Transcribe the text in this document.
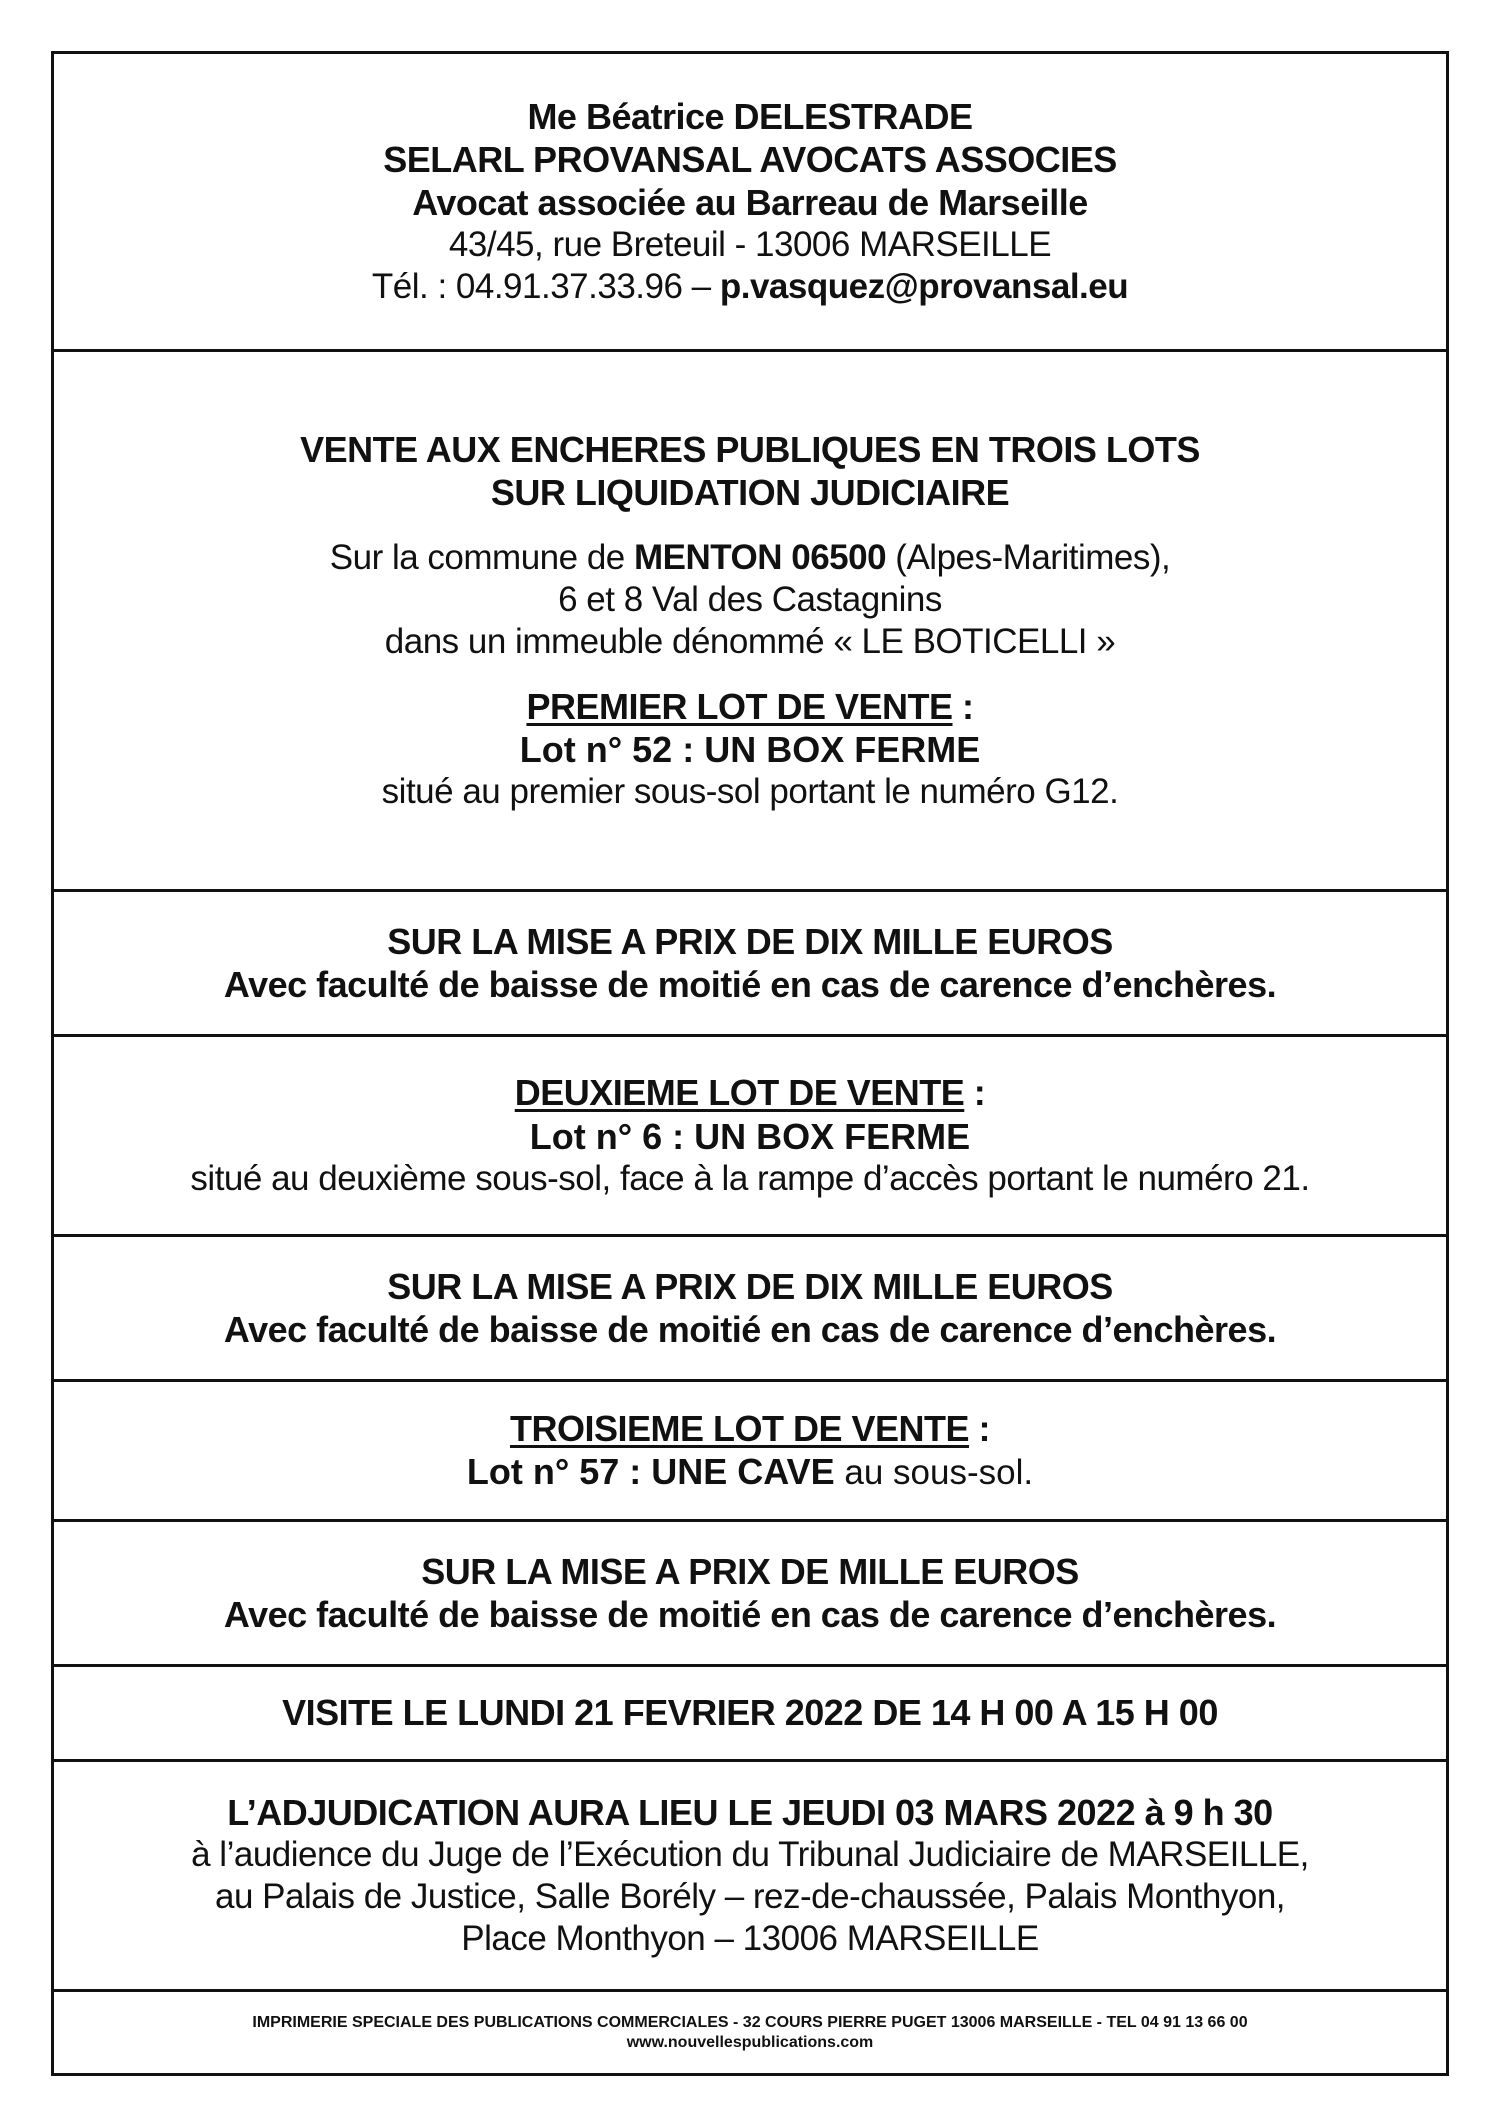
Me Béatrice DELESTRADE
SELARL PROVANSAL AVOCATS ASSOCIES
Avocat associée au Barreau de Marseille
43/45, rue Breteuil - 13006 MARSEILLE
Tél. : 04.91.37.33.96 – p.vasquez@provansal.eu
VENTE AUX ENCHERES PUBLIQUES EN TROIS LOTS
SUR LIQUIDATION JUDICIAIRE
Sur la commune de MENTON 06500 (Alpes-Maritimes),
6 et 8 Val des Castagnins
dans un immeuble dénommé « LE BOTICELLI »
PREMIER LOT DE VENTE :
Lot n° 52 : UN BOX FERME
situé au premier sous-sol portant le numéro G12.
SUR LA MISE A PRIX DE DIX MILLE EUROS
Avec faculté de baisse de moitié en cas de carence d’enchères.
DEUXIEME LOT DE VENTE :
Lot n° 6 : UN BOX FERME
situé au deuxième sous-sol, face à la rampe d’accès portant le numéro 21.
SUR LA MISE A PRIX DE DIX MILLE EUROS
Avec faculté de baisse de moitié en cas de carence d’enchères.
TROISIEME LOT DE VENTE :
Lot n° 57 : UNE CAVE au sous-sol.
SUR LA MISE A PRIX DE MILLE EUROS
Avec faculté de baisse de moitié en cas de carence d’enchères.
VISITE LE LUNDI 21 FEVRIER 2022 DE 14 H 00 A 15 H 00
L’ADJUDICATION AURA LIEU LE JEUDI 03 MARS 2022 à 9 h 30
à l’audience du Juge de l’Exécution du Tribunal Judiciaire de MARSEILLE,
au Palais de Justice, Salle Borély – rez-de-chaussée, Palais Monthyon,
Place Monthyon – 13006 MARSEILLE
IMPRIMERIE SPECIALE DES PUBLICATIONS COMMERCIALES - 32 COURS PIERRE PUGET 13006 MARSEILLE - TEL 04 91 13 66 00
www.nouvellespublications.com
